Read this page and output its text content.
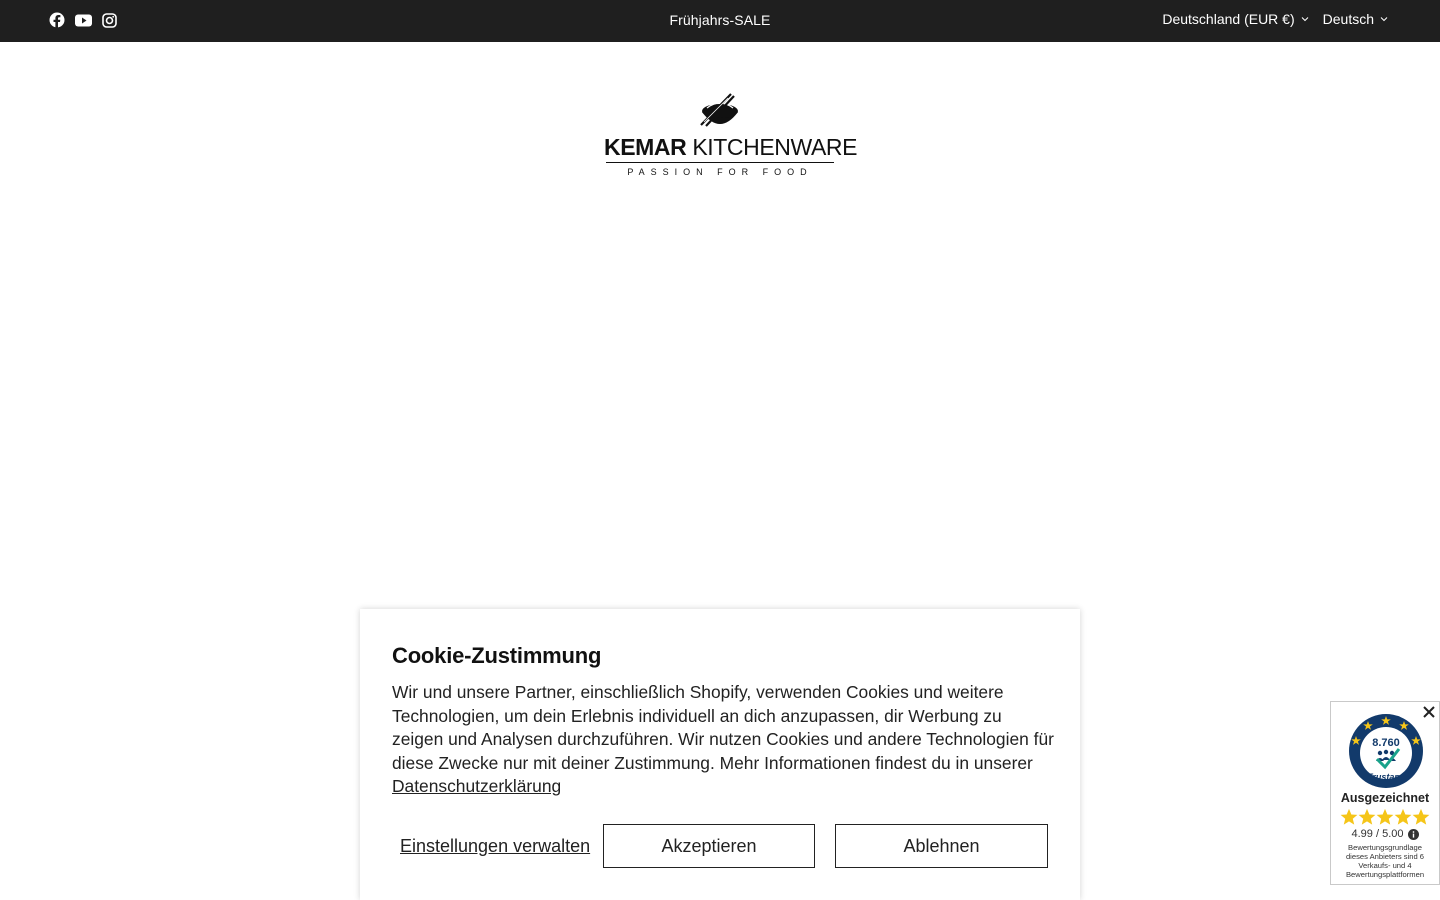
Frühjahrs-SALE	Deutschland (EUR €) Deutsch
KEMAR KITCHENWARE
PASSION FOR FOOD
Cookie-Zustimmung

Wir und unsere Partner, einschließlich Shopify, verwenden Cookies und weitere Technologien, um dein Erlebnis individuell an dich anzupassen, dir Werbung zu zeigen und Analysen durchzuführen. Wir nutzen Cookies und andere Technologien für diese Zwecke nur mit deiner Zustimmung. Mehr Informationen findest du in unserer
Datenschutzerklärung

Einstellungen verwalten	Akzeptieren	Ablehnen
8.760
Trustami
Ausgezeichnet
4.99 / 5.00
Bewertungsgrundlage dieses Anbieters sind 6 Verkaufs- und 4 Bewertungsplattformen
